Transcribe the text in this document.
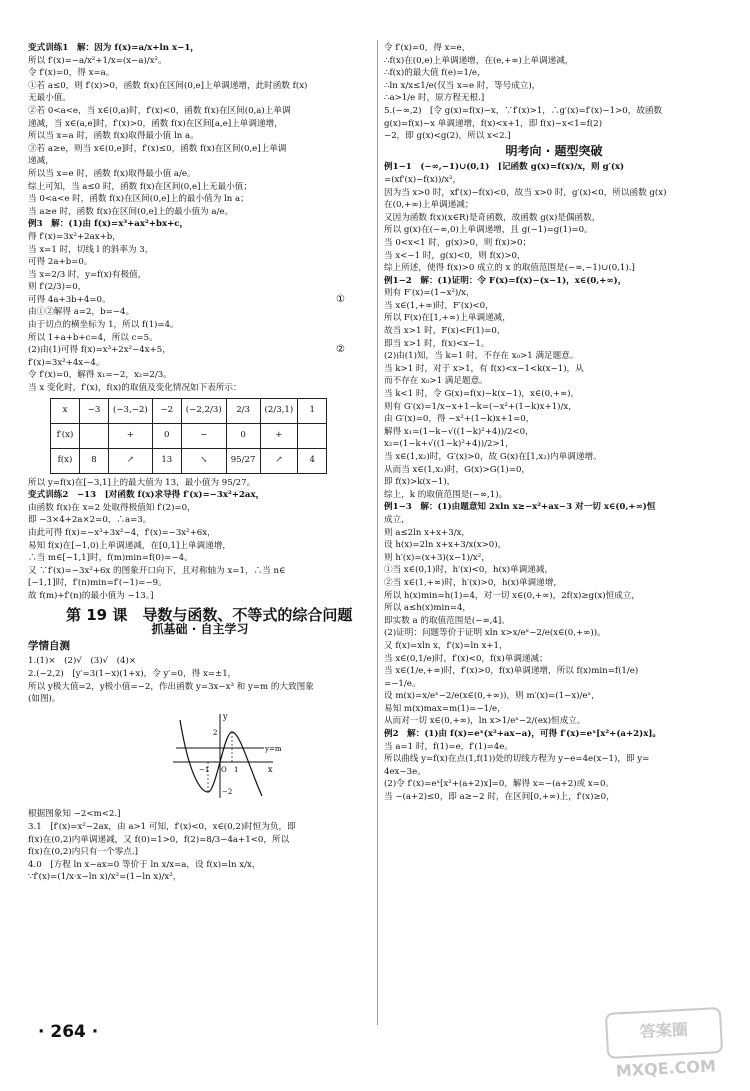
变式训练1　解：因为 f(x)=a/x+ln x−1，
所以 f′(x)=−a/x²+1/x=(x−a)/x²。
令 f′(x)=0，得 x=a。
①若 a≤0，则 f′(x)>0，函数 f(x)在区间(0,e]上单调递增，此时函数 f(x)
无最小值。
②若 0<a<e，当 x∈(0,a)时，f′(x)<0，函数 f(x)在区间(0,a)上单调
递减，当 x∈(a,e]时，f′(x)>0，函数 f(x)在区间[a,e]上单调递增，
所以当 x=a 时，函数 f(x)取得最小值 ln a。
③若 a≥e，则当 x∈(0,e]时，f′(x)≤0，函数 f(x)在区间(0,e]上单调
递减，
所以当 x=e 时，函数 f(x)取得最小值 a/e。
综上可知，当 a≤0 时，函数 f(x)在区间(0,e]上无最小值；
当 0<a<e 时，函数 f(x)在区间(0,e]上的最小值为 ln a；
当 a≥e 时，函数 f(x)在区间(0,e]上的最小值为 a/e。
例3　解：(1)由 f(x)=x³+ax²+bx+c，
得 f′(x)=3x²+2ax+b，
当 x=1 时，切线 l 的斜率为 3，
可得 2a+b=0。
当 x=2/3 时，y=f(x)有极值，
则 f′(2/3)=0，
可得 4a+3b+4=0。
由①②解得 a=2，b=−4。
由于切点的横坐标为 1，所以 f(1)=4。
所以 1+a+b+c=4，所以 c=5。
(2)由(1)可得 f(x)=x³+2x²−4x+5，
f′(x)=3x²+4x−4。
令 f′(x)=0，解得 x₁=−2，x₂=2/3。
当 x 变化时，f′(x)，f(x)的取值及变化情况如下表所示：
x	−3	(−3,−2)	−2	(−2,2/3)	2/3	(2/3,1)	1
f′(x)		+	0	−	0	+	
f(x)	8	↗	13	↘	95/27	↗	4
所以 y=f(x)在[−3,1]上的最大值为 13，最小值为 95/27。
变式训练2　−13　[对函数 f(x)求导得 f′(x)=−3x²+2ax，
由函数 f(x)在 x=2 处取得极值知 f′(2)=0，
即 −3×4+2a×2=0，∴a=3。
由此可得 f(x)=−x³+3x²−4，f′(x)=−3x²+6x，
易知 f(x)在[−1,0)上单调递减，在[0,1]上单调递增，
∴当 m∈[−1,1]时，f(m)min=f(0)=−4。
又 ∵f′(x)=−3x²+6x 的图象开口向下，且对称轴为 x=1，∴当 n∈
[−1,1]时，f′(n)min=f′(−1)=−9。
故 f(m)+f′(n)的最小值为 −13。]
第 19 课　导数与函数、不等式的综合问题
抓基础 · 自主学习
学情自测
1.(1)×　(2)√　(3)√　(4)×
2.(−2,2)　[y′=3(1−x)(1+x)，令 y′=0，得 x=±1，
所以 y极大值=2，y极小值=−2，作出函数 y=3x−x³ 和 y=m 的大致图象
(如图)。
y
x
y=m
2
−1 O 1
−2
根据图象知 −2<m<2.]
3.1　[f′(x)=x²−2ax，由 a>1 可知，f′(x)<0，x∈(0,2)时恒为负，即
f(x)在(0,2)内单调递减，又 f(0)=1>0，f(2)=8/3−4a+1<0，所以
f(x)在(0,2)内只有一个零点.]
4.0　[方程 ln x−ax=0 等价于 ln x/x=a，设 f(x)=ln x/x，
∵f′(x)=(1/x·x−ln x)/x²=(1−ln x)/x²，
①
②
令 f′(x)=0，得 x=e，
∴f(x)在(0,e)上单调递增，在(e,+∞)上单调递减，
∴f(x)的最大值 f(e)=1/e，
∴ln x/x≤1/e(仅当 x=e 时，等号成立)，
∴a>1/e 时，原方程无根.]
5.(−∞,2)　[令 g(x)=f(x)−x，∵f′(x)>1，∴g′(x)=f′(x)−1>0，故函数
g(x)=f(x)−x 单调递增，f(x)<x+1，即 f(x)−x<1=f(2)
−2，即 g(x)<g(2)，所以 x<2.]
明考向 · 题型突破
例1−1　(−∞,−1)∪(0,1)　[记函数 g(x)=f(x)/x，则 g′(x)
=(xf′(x)−f(x))/x²，
因为当 x>0 时，xf′(x)−f(x)<0，故当 x>0 时，g′(x)<0，所以函数 g(x)
在(0,+∞)上单调递减；
又因为函数 f(x)(x∈R)是奇函数，故函数 g(x)是偶函数，
所以 g(x)在(−∞,0)上单调递增，且 g(−1)=g(1)=0。
当 0<x<1 时，g(x)>0，则 f(x)>0；
当 x<−1 时，g(x)<0，则 f(x)>0，
综上所述，使得 f(x)>0 成立的 x 的取值范围是(−∞,−1)∪(0,1).]
例1−2　解：(1)证明：令 F(x)=f(x)−(x−1)，x∈(0,+∞)，
则有 F′(x)=(1−x²)/x，
当 x∈(1,+∞)时，F′(x)<0，
所以 F(x)在[1,+∞)上单调递减，
故当 x>1 时，F(x)<F(1)=0，
即当 x>1 时，f(x)<x−1。
(2)由(1)知，当 k=1 时，不存在 x₀>1 满足题意。
当 k>1 时，对于 x>1，有 f(x)<x−1<k(x−1)，从
而不存在 x₀>1 满足题意。
当 k<1 时，令 G(x)=f(x)−k(x−1)，x∈(0,+∞)，
则有 G′(x)=1/x−x+1−k=(−x²+(1−k)x+1)/x，
由 G′(x)=0，得 −x²+(1−k)x+1=0，
解得 x₁=(1−k−√((1−k)²+4))/2<0，
x₂=(1−k+√((1−k)²+4))/2>1，
当 x∈(1,x₂)时，G′(x)>0，故 G(x)在[1,x₂)内单调递增。
从而当 x∈(1,x₂)时，G(x)>G(1)=0，
即 f(x)>k(x−1)，
综上，k 的取值范围是(−∞,1)。
例1−3　解：(1)由题意知 2xln x≥−x²+ax−3 对一切 x∈(0,+∞)恒
成立，
则 a≤2ln x+x+3/x，
设 h(x)=2ln x+x+3/x(x>0)，
则 h′(x)=(x+3)(x−1)/x²，
①当 x∈(0,1)时，h′(x)<0，h(x)单调递减，
②当 x∈(1,+∞)时，h′(x)>0，h(x)单调递增，
所以 h(x)min=h(1)=4，对一切 x∈(0,+∞)，2f(x)≥g(x)恒成立，
所以 a≤h(x)min=4，
即实数 a 的取值范围是(−∞,4]。
(2)证明：问题等价于证明 xln x>x/eˣ−2/e(x∈(0,+∞))。
又 f(x)=xln x，f′(x)=ln x+1，
当 x∈(0,1/e)时，f′(x)<0，f(x)单调递减；
当 x∈(1/e,+∞)时，f′(x)>0，f(x)单调递增，所以 f(x)min=f(1/e)
=−1/e。
设 m(x)=x/eˣ−2/e(x∈(0,+∞))，则 m′(x)=(1−x)/eˣ，
易知 m(x)max=m(1)=−1/e，
从而对一切 x∈(0,+∞)，ln x>1/eˣ−2/(ex)恒成立。
例2　解：(1)由 f(x)=eˣ(x²+ax−a)，可得 f′(x)=eˣ[x²+(a+2)x]。
当 a=1 时，f(1)=e，f′(1)=4e。
所以曲线 y=f(x)在点(1,f(1))处的切线方程为 y−e=4e(x−1)，即 y=
4ex−3e。
(2)令 f′(x)=eˣ[x²+(a+2)x]=0，解得 x=−(a+2)或 x=0。
当 −(a+2)≤0，即 a≥−2 时，在区间[0,+∞)上，f′(x)≥0，
· 264 ·	答案圈 MXQE.COM
